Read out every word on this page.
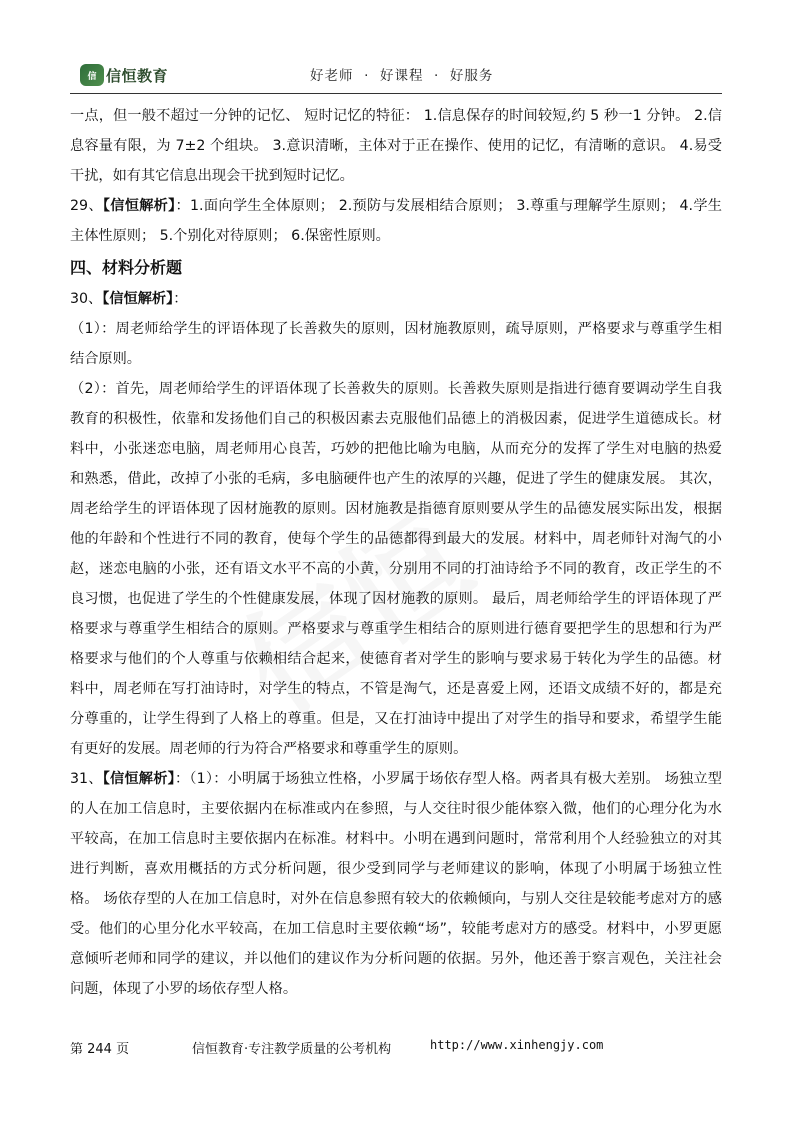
信 信恒教育	好老师  ·  好课程  ·  好服务

一点，但一般不超过一分钟的记忆、 短时记忆的特征： 1.信息保存的时间较短,约 5 秒一1 分钟。 2.信息容量有限，为 7±2 个组块。 3.意识清晰，主体对于正在操作、使用的记忆，有清晰的意识。 4.易受干扰，如有其它信息出现会干扰到短时记忆。

29、【信恒解析】：1.面向学生全体原则； 2.预防与发展相结合原则； 3.尊重与理解学生原则； 4.学生主体性原则； 5.个别化对待原则； 6.保密性原则。

四、材料分析题

30、【信恒解析】：

（1）：周老师给学生的评语体现了长善救失的原则，因材施教原则，疏导原则，严格要求与尊重学生相结合原则。

（2）：首先，周老师给学生的评语体现了长善救失的原则。长善救失原则是指进行德育要调动学生自我教育的积极性，依靠和发扬他们自己的积极因素去克服他们品德上的消极因素，促进学生道德成长。材料中，小张迷恋电脑，周老师用心良苦，巧妙的把他比喻为电脑，从而充分的发挥了学生对电脑的热爱和熟悉，借此，改掉了小张的毛病，多电脑硬件也产生的浓厚的兴趣，促进了学生的健康发展。 其次，周老给学生的评语体现了因材施教的原则。因材施教是指德育原则要从学生的品德发展实际出发，根据他的年龄和个性进行不同的教育，使每个学生的品德都得到最大的发展。材料中，周老师针对淘气的小赵，迷恋电脑的小张，还有语文水平不高的小黄，分别用不同的打油诗给予不同的教育，改正学生的不良习惯，也促进了学生的个性健康发展，体现了因材施教的原则。 最后，周老师给学生的评语体现了严格要求与尊重学生相结合的原则。严格要求与尊重学生相结合的原则进行德育要把学生的思想和行为严格要求与他们的个人尊重与依赖相结合起来，使德育者对学生的影响与要求易于转化为学生的品德。材料中，周老师在写打油诗时，对学生的特点，不管是淘气，还是喜爱上网，还语文成绩不好的，都是充分尊重的，让学生得到了人格上的尊重。但是，又在打油诗中提出了对学生的指导和要求，希望学生能有更好的发展。周老师的行为符合严格要求和尊重学生的原则。

31、【信恒解析】：（1）：小明属于场独立性格，小罗属于场依存型人格。两者具有极大差别。 场独立型的人在加工信息时，主要依据内在标准或内在参照，与人交往时很少能体察入微，他们的心理分化为水平较高，在加工信息时主要依据内在标准。材料中。小明在遇到问题时，常常利用个人经验独立的对其进行判断，喜欢用概括的方式分析问题，很少受到同学与老师建议的影响，体现了小明属于场独立性格。 场依存型的人在加工信息时，对外在信息参照有较大的依赖倾向，与别人交往是较能考虑对方的感受。他们的心里分化水平较高，在加工信息时主要依赖“场”，较能考虑对方的感受。材料中，小罗更愿意倾听老师和同学的建议，并以他们的建议作为分析问题的依据。另外，他还善于察言观色，关注社会问题，体现了小罗的场依存型人格。

第 244 页

	信恒教育·专注教学质量的公考机构

	http://www.xinhengjy.com
